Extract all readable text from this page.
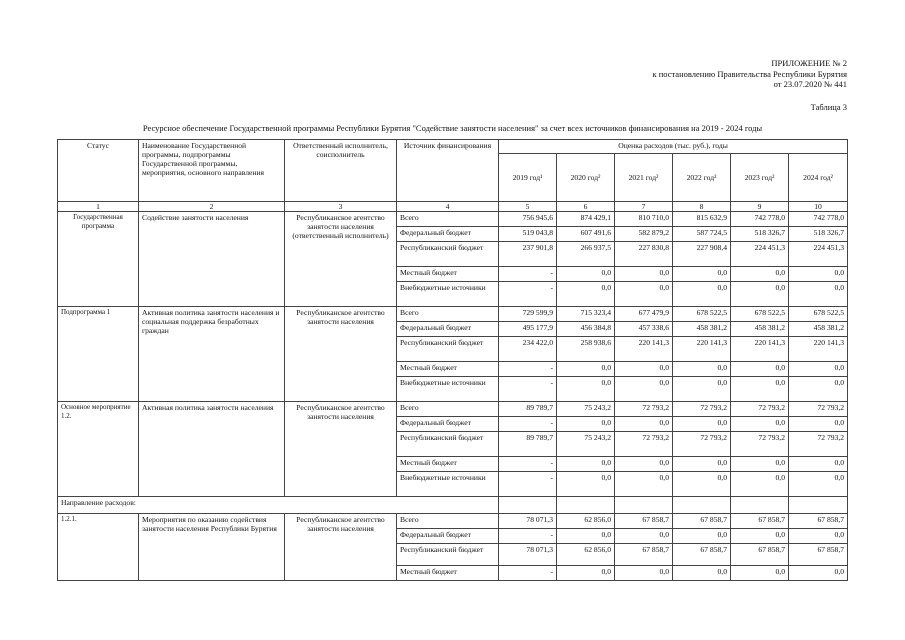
ПРИЛОЖЕНИЕ № 2
к постановлению Правительства Республики Бурятия
от 23.07.2020 № 441
Таблица 3
Ресурсное обеспечение Государственной программы Республики Бурятия "Содействие занятости населения" за счет всех источников финансирования на 2019 - 2024 годы
Статус	Наименование Государственной программы, подпрограммы Государственной программы, мероприятия, основного направления	Ответственный исполнитель, соисполнитель	Источник финансирования	Оценка расходов (тыс. руб.), годы					
				2019 год¹	2020 год²	2021 год²	2022 год²	2023 год²	2024 год²
1	2	3	4	5	6	7	8	9	10
Государственная программа	Содействие занятости населения	Республиканское агентство занятости населения (ответственный исполнитель)	Всего	756 945,6	874 429,1	810 710,0	815 632,9	742 778,0	742 778,0
			Федеральный бюджет	519 043,8	607 491,6	582 879,2	587 724,5	518 326,7	518 326,7
			Республиканский бюджет	237 901,8	266 937,5	227 830,8	227 908,4	224 451,3	224 451,3
			Местный бюджет	-	0,0	0,0	0,0	0,0	0,0
			Внебюджетные источники	-	0,0	0,0	0,0	0,0	0,0
Подпрограмма 1	Активная политика занятости населения и социальная поддержка безработных граждан	Республиканское агентство занятости населения	Всего	729 599,9	715 323,4	677 479,9	678 522,5	678 522,5	678 522,5
			Федеральный бюджет	495 177,9	456 384,8	457 338,6	458 381,2	458 381,2	458 381,2
			Республиканский бюджет	234 422,0	258 938,6	220 141,3	220 141,3	220 141,3	220 141,3
			Местный бюджет	-	0,0	0,0	0,0	0,0	0,0
			Внебюджетные источники	-	0,0	0,0	0,0	0,0	0,0
Основное мероприятие 1.2.	Активная политика занятости населения	Республиканское агентство занятости населения	Всего	89 789,7	75 243,2	72 793,2	72 793,2	72 793,2	72 793,2
			Федеральный бюджет	-	0,0	0,0	0,0	0,0	0,0
			Республиканский бюджет	89 789,7	75 243,2	72 793,2	72 793,2	72 793,2	72 793,2
			Местный бюджет	-	0,0	0,0	0,0	0,0	0,0
			Внебюджетные источники	-	0,0	0,0	0,0	0,0	0,0
Направление расходов:									
1.2.1.	Мероприятия по оказанию содействия занятости населения Республики Бурятия	Республиканское агентство занятости населения	Всего	78 071,3	62 856,0	67 858,7	67 858,7	67 858,7	67 858,7
			Федеральный бюджет	-	0,0	0,0	0,0	0,0	0,0
			Республиканский бюджет	78 071,3	62 856,0	67 858,7	67 858,7	67 858,7	67 858,7
			Местный бюджет	-	0,0	0,0	0,0	0,0	0,0
